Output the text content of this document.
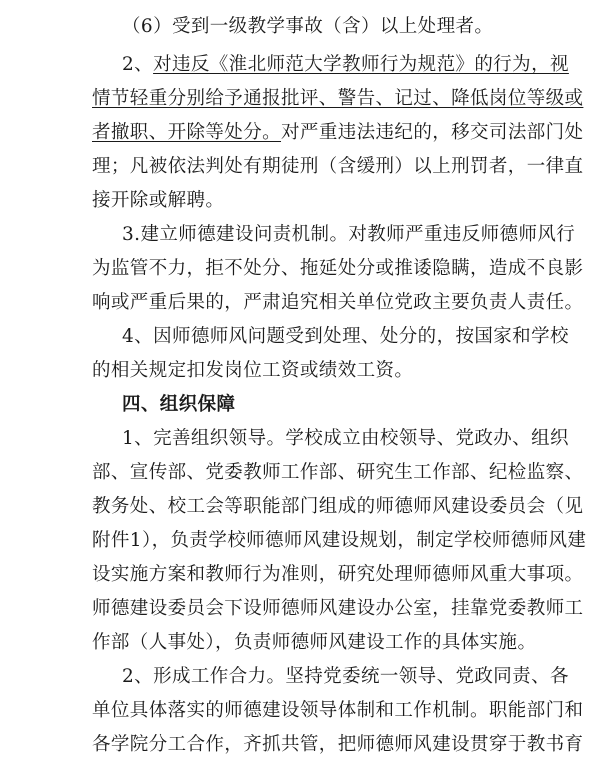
（6）受到一级教学事故（含）以上处理者。
2、对违反《淮北师范大学教师行为规范》的行为，视
情节轻重分别给予通报批评、警告、记过、降低岗位等级或
者撤职、开除等处分。对严重违法违纪的，移交司法部门处
理；凡被依法判处有期徒刑（含缓刑）以上刑罚者，一律直
接开除或解聘。
3.建立师德建设问责机制。对教师严重违反师德师风行
为监管不力，拒不处分、拖延处分或推诿隐瞒，造成不良影
响或严重后果的，严肃追究相关单位党政主要负责人责任。
4、因师德师风问题受到处理、处分的，按国家和学校
的相关规定扣发岗位工资或绩效工资。
四、组织保障
1、完善组织领导。学校成立由校领导、党政办、组织
部、宣传部、党委教师工作部、研究生工作部、纪检监察、
教务处、校工会等职能部门组成的师德师风建设委员会（见
附件1），负责学校师德师风建设规划，制定学校师德师风建
设实施方案和教师行为准则，研究处理师德师风重大事项。
师德建设委员会下设师德师风建设办公室，挂靠党委教师工
作部（人事处），负责师德师风建设工作的具体实施。
2、形成工作合力。坚持党委统一领导、党政同责、各
单位具体落实的师德建设领导体制和工作机制。职能部门和
各学院分工合作，齐抓共管，把师德师风建设贯穿于教书育
